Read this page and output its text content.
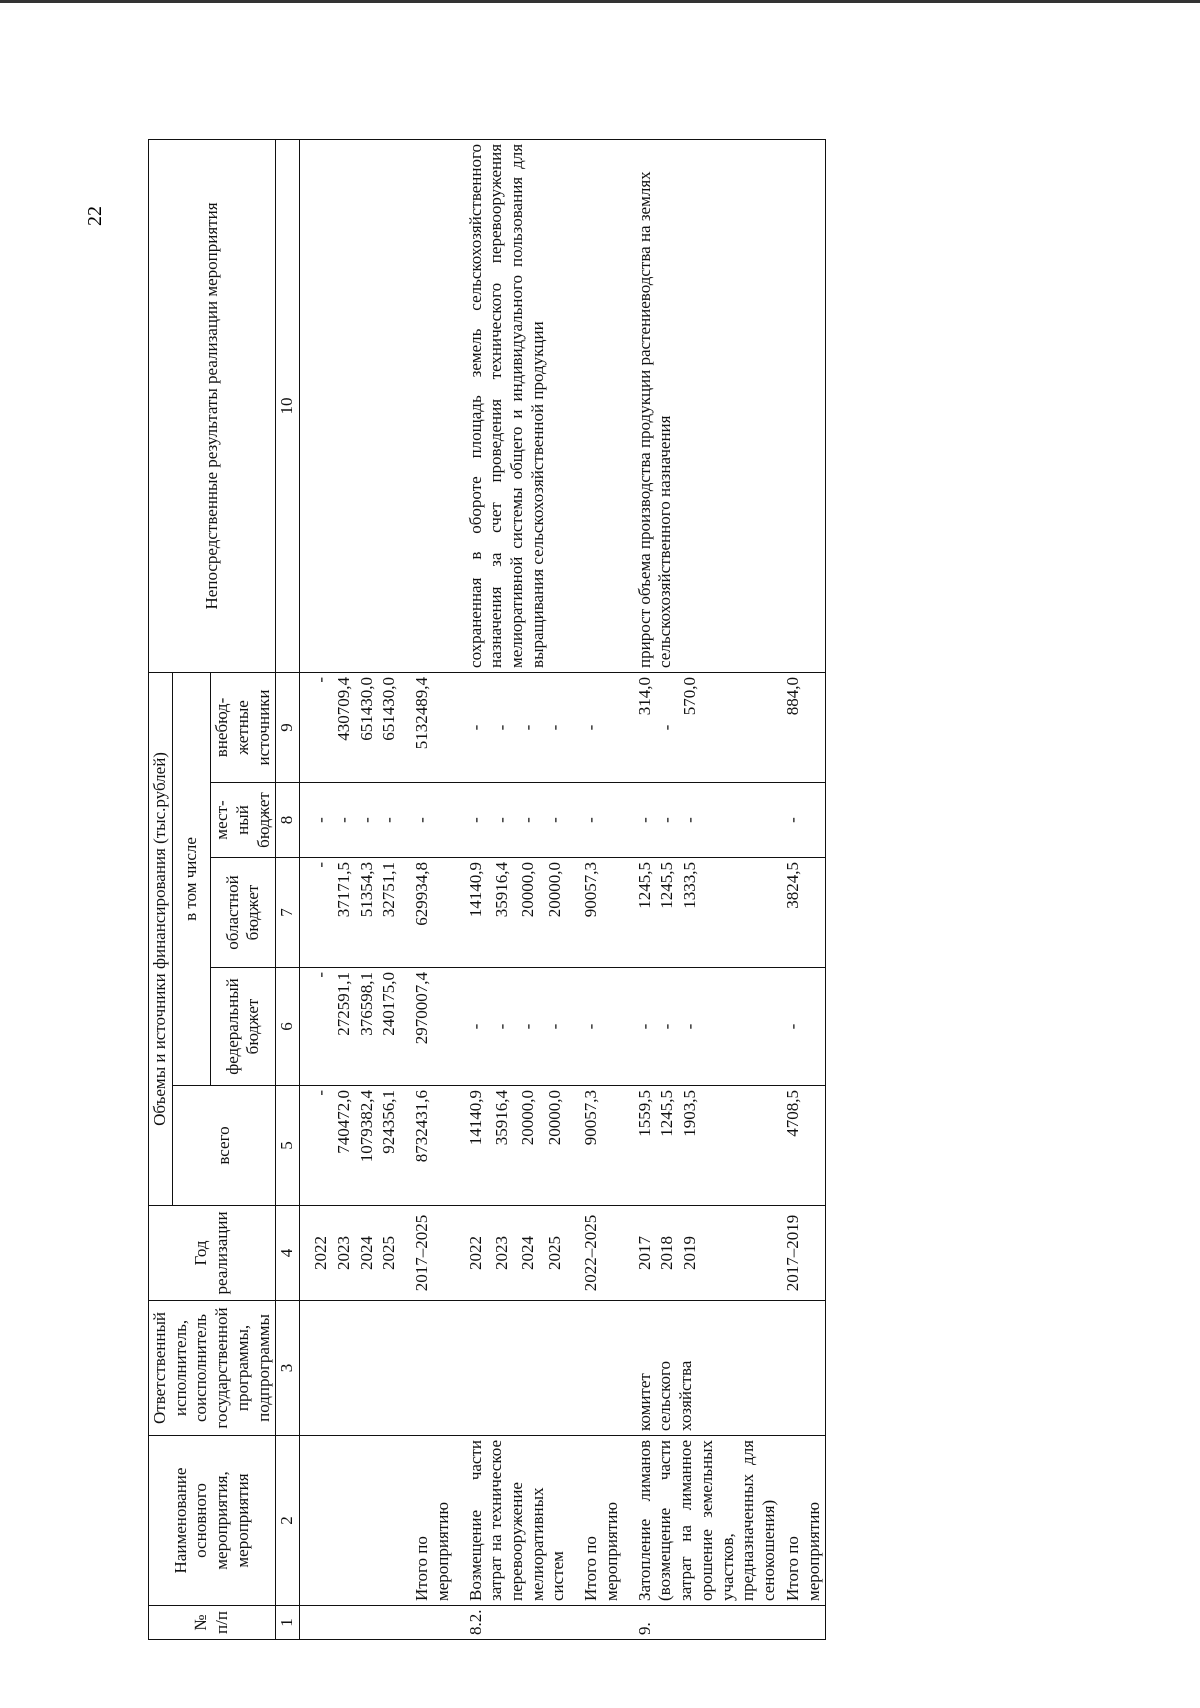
22
№ п/п	Наименование основного мероприятия, мероприятия	Ответственный исполнитель, соисполнитель государственной программы, подпрограммы	Год реализации	Объемы и источники финансирования (тыс.рублей)					Непосредственные результаты реализации мероприятия
				всего	в том числе				
					федеральный бюджет	областной бюджет	мест-ный бюджет	внебюд-жетные источники	
1	2	3	4	5	6	7	8	9	10

			2022	-	-	-	-	-	
			2023	740472,0	272591,1	37171,5	-	430709,4	
			2024	1079382,4	376598,1	51354,3	-	651430,0	
			2025	924356,1	240175,0	32751,1	-	651430,0	

	Итого по мероприятию		2017–2025	8732431,6	2970007,4	629934,8	-	5132489,4	

8.2.	Возмещение части затрат на техническое перевооружение мелиоративных систем		2022	14140,9	-	14140,9	-	-	сохраненная в обороте площадь земель сельскохозяйственного назначения за счет проведения технического перевооружения мелиоративной системы общего и индивидуального пользования для выращивания сельскохозяйственной продукции
			2023	35916,4	-	35916,4	-	-	
			2024	20000,0	-	20000,0	-	-	
			2025	20000,0	-	20000,0	-	-	

	Итого по мероприятию		2022–2025	90057,3	-	90057,3	-	-	

9.	Затопление лиманов (возмещение части затрат на лиманное орошение земельных участков, предназначенных для сенокошения)	комитет сельского хозяйства	2017	1559,5	-	1245,5	-	314,0	прирост объема производства продукции растениеводства на землях сельскохозяйственного назначения
			2018	1245,5	-	1245,5	-	-	
			2019	1903,5	-	1333,5	-	570,0	

	Итого по мероприятию		2017–2019	4708,5	-	3824,5	-	884,0	
